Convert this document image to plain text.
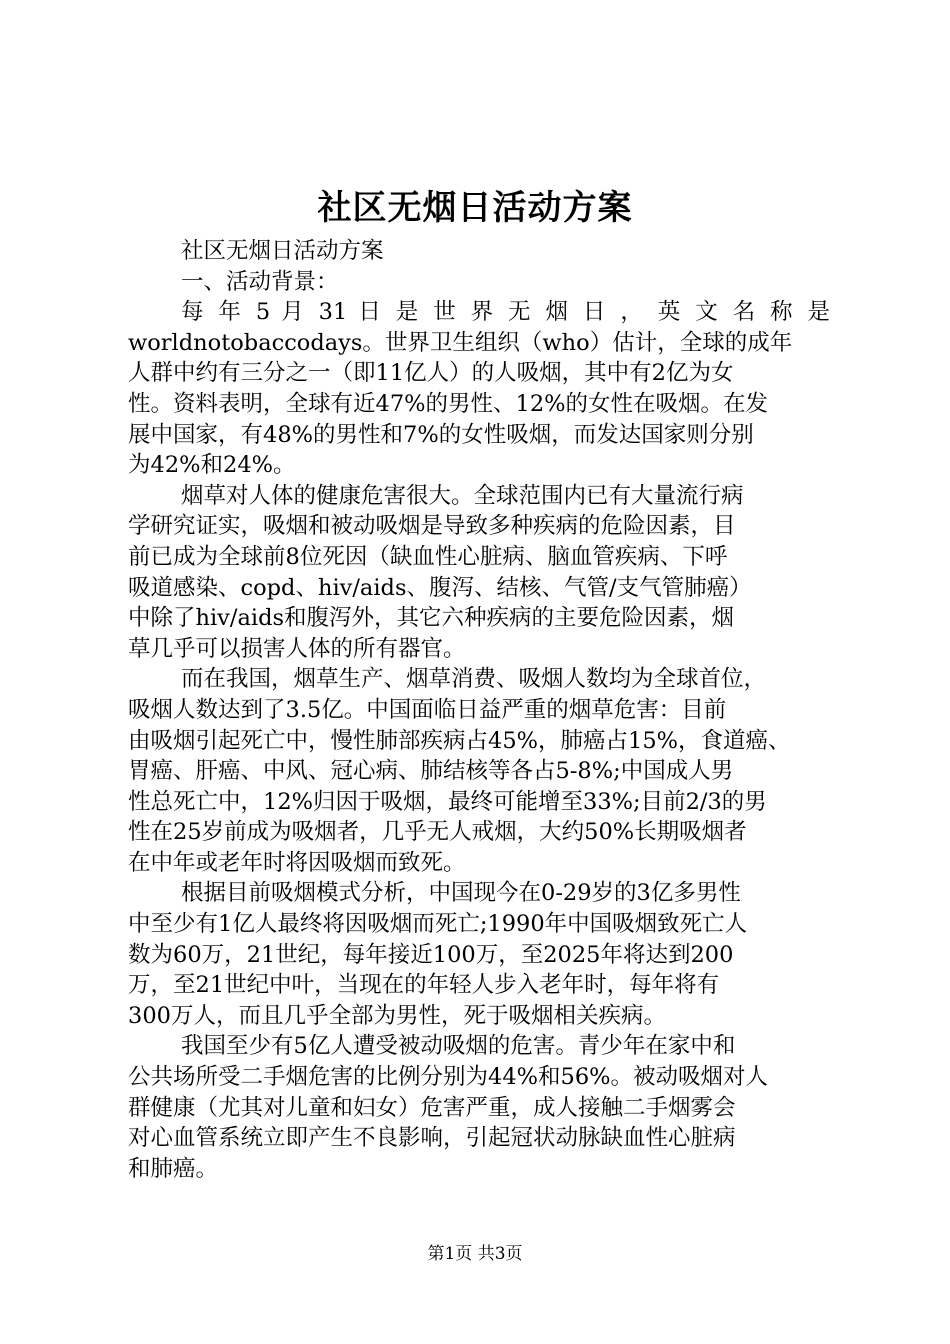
社区无烟日活动方案
社区无烟日活动方案
一、活动背景：
每 年 5 月 31 日 是 世 界 无 烟 日 ， 英 文 名 称 是
worldnotobaccodays。世界卫生组织（who）估计，全球的成年
人群中约有三分之一（即11亿人）的人吸烟，其中有2亿为女
性。资料表明，全球有近47%的男性、12%的女性在吸烟。在发
展中国家，有48%的男性和7%的女性吸烟，而发达国家则分别
为42%和24%。
烟草对人体的健康危害很大。全球范围内已有大量流行病
学研究证实，吸烟和被动吸烟是导致多种疾病的危险因素，目
前已成为全球前8位死因（缺血性心脏病、脑血管疾病、下呼
吸道感染、copd、hiv/aids、腹泻、结核、气管/支气管肺癌）
中除了hiv/aids和腹泻外，其它六种疾病的主要危险因素，烟
草几乎可以损害人体的所有器官。
而在我国，烟草生产、烟草消费、吸烟人数均为全球首位，
吸烟人数达到了3.5亿。中国面临日益严重的烟草危害：目前
由吸烟引起死亡中，慢性肺部疾病占45%，肺癌占15%，食道癌、
胃癌、肝癌、中风、冠心病、肺结核等各占5-8%;中国成人男
性总死亡中，12%归因于吸烟，最终可能增至33%;目前2/3的男
性在25岁前成为吸烟者，几乎无人戒烟，大约50%长期吸烟者
在中年或老年时将因吸烟而致死。
根据目前吸烟模式分析，中国现今在0-29岁的3亿多男性
中至少有1亿人最终将因吸烟而死亡;1990年中国吸烟致死亡人
数为60万，21世纪，每年接近100万，至2025年将达到200
万，至21世纪中叶，当现在的年轻人步入老年时，每年将有
300万人，而且几乎全部为男性，死于吸烟相关疾病。
我国至少有5亿人遭受被动吸烟的危害。青少年在家中和
公共场所受二手烟危害的比例分别为44%和56%。被动吸烟对人
群健康（尤其对儿童和妇女）危害严重，成人接触二手烟雾会
对心血管系统立即产生不良影响，引起冠状动脉缺血性心脏病
和肺癌。
第1页 共3页
